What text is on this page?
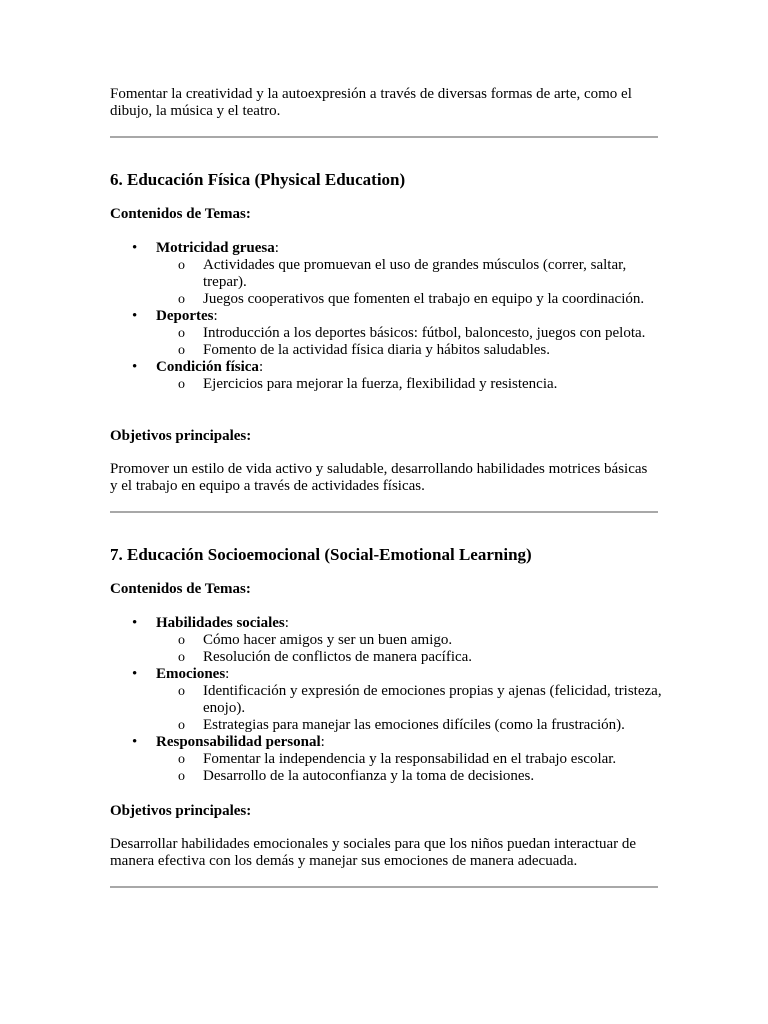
Fomentar la creatividad y la autoexpresión a través de diversas formas de arte, como el dibujo, la música y el teatro.

6. Educación Física (Physical Education)
Contenidos de Temas:
• Motricidad gruesa:
o Actividades que promuevan el uso de grandes músculos (correr, saltar, trepar).
o Juegos cooperativos que fomenten el trabajo en equipo y la coordinación.
• Deportes:
o Introducción a los deportes básicos: fútbol, baloncesto, juegos con pelota.
o Fomento de la actividad física diaria y hábitos saludables.
• Condición física:
o Ejercicios para mejorar la fuerza, flexibilidad y resistencia.
Objetivos principales:

Promover un estilo de vida activo y saludable, desarrollando habilidades motrices básicas y el trabajo en equipo a través de actividades físicas.

7. Educación Socioemocional (Social-Emotional Learning)
Contenidos de Temas:
• Habilidades sociales:
o Cómo hacer amigos y ser un buen amigo.
o Resolución de conflictos de manera pacífica.
• Emociones:
o Identificación y expresión de emociones propias y ajenas (felicidad, tristeza, enojo).
o Estrategias para manejar las emociones difíciles (como la frustración).
• Responsabilidad personal:
o Fomentar la independencia y la responsabilidad en el trabajo escolar.
o Desarrollo de la autoconfianza y la toma de decisiones.
Objetivos principales:

Desarrollar habilidades emocionales y sociales para que los niños puedan interactuar de manera efectiva con los demás y manejar sus emociones de manera adecuada.
